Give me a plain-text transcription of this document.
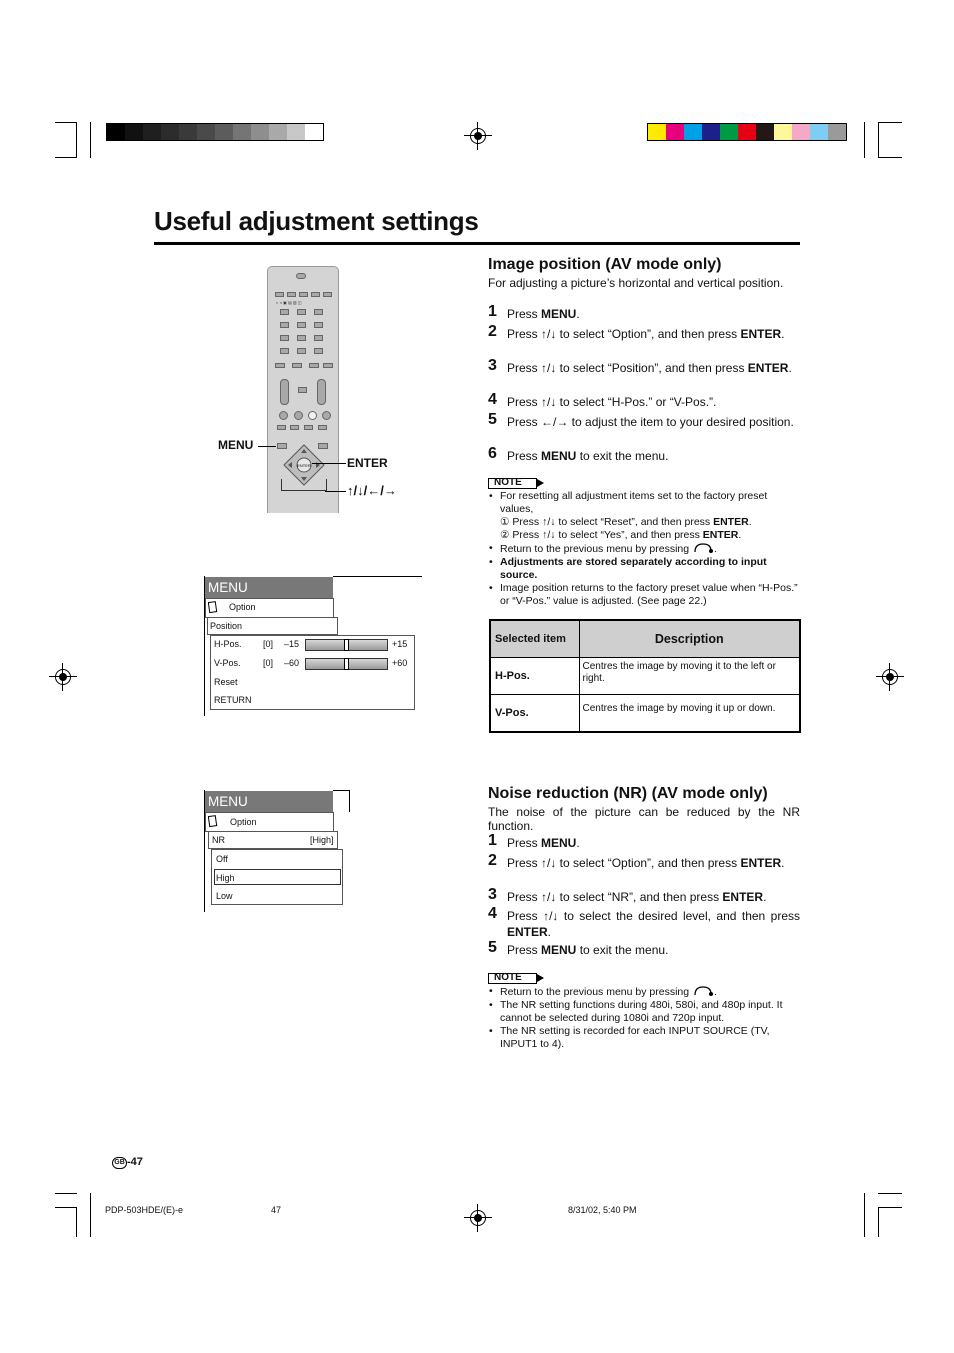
Useful adjustment settings
◐ ◑ ▣ ▤ ▥ ◫
ENTER
MENU
ENTER
↑/↓/←/→
MENU
Option
Position
H-Pos. [0] –15	+15
V-Pos. [0] –60	+60
Reset
RETURN
MENU
Option
NR	[High]
Off
High
Low
Image position (AV mode only)

For adjusting a picture’s horizontal and vertical position.

1 Press MENU.
2 Press ↑/↓ to select “Option”, and then press ENTER.
3 Press ↑/↓ to select “Position”, and then press ENTER.
4 Press ↑/↓ to select “H-Pos.” or “V-Pos.”.
5 Press ←/→ to adjust the item to your desired position.
6 Press MENU to exit the menu.
NOTE
• For resetting all adjustment items set to the factory preset values,
① Press ↑/↓ to select “Reset”, and then press ENTER.
② Press ↑/↓ to select “Yes”, and then press ENTER.
• Return to the previous menu by pressing .
• Adjustments are stored separately according to input source.
• Image position returns to the factory preset value when “H-Pos.” or “V-Pos.” value is adjusted. (See page 22.)
Selected item	Description
H-Pos.	Centres the image by moving it to the left or right.
V-Pos.	Centres the image by moving it up or down.
Noise reduction (NR) (AV mode only)

The noise of the picture can be reduced by the NR function.

1 Press MENU.
2 Press ↑/↓ to select “Option”, and then press ENTER.
3 Press ↑/↓ to select “NR”, and then press ENTER.
4 Press ↑/↓ to select the desired level, and then press ENTER.
5 Press MENU to exit the menu.
NOTE
• Return to the previous menu by pressing .
• The NR setting functions during 480i, 580i, and 480p input. It cannot be selected during 1080i and 720p input.
• The NR setting is recorded for each INPUT SOURCE (TV, INPUT1 to 4).
GB -47
PDP-503HDE/(E)-e	47	8/31/02, 5:40 PM
